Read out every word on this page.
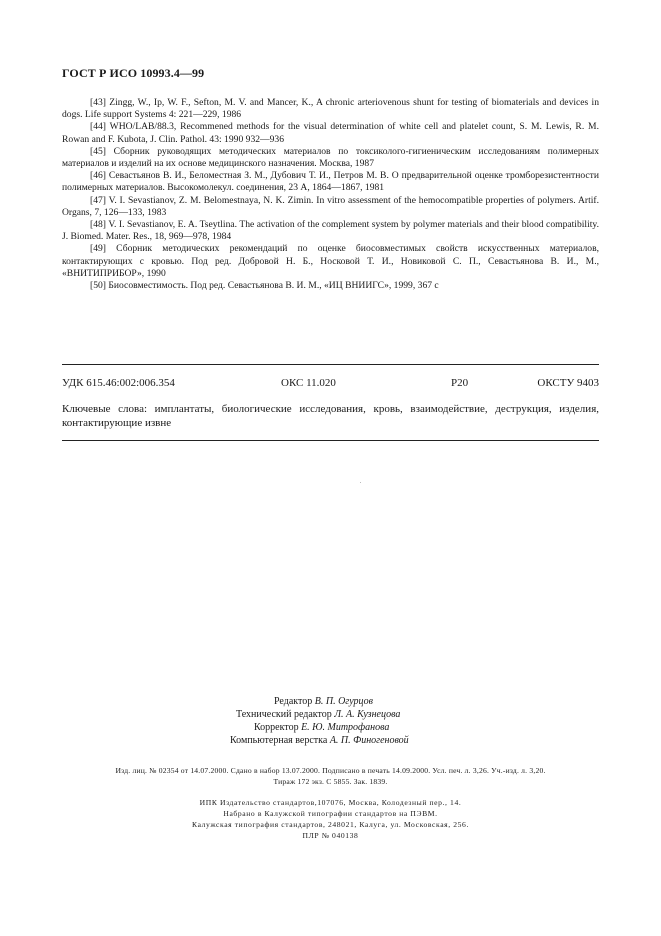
ГОСТ Р ИСО 10993.4—99

[43] Zingg, W., Ip, W. F., Sefton, M. V. and Mancer, K., A chronic arteriovenous shunt for testing of biomaterials and devices in dogs. Life support Systems 4: 221—229, 1986

[44] WHO/LAB/88.3, Recommened methods for the visual determination of white cell and platelet count, S. M. Lewis, R. M. Rowan and F. Kubota, J. Clin. Pathol. 43: 1990 932—936

[45] Сборник руководящих методических материалов по токсиколого-гигиеническим исследованиям полимерных материалов и изделий на их основе медицинского назначения. Москва, 1987

[46] Севастьянов В. И., Беломестная З. М., Дубович Т. И., Петров М. В. О предварительной оценке тромборезистентности полимерных материалов. Высокомолекул. соединения, 23 А, 1864—1867, 1981

[47] V. I. Sevastianov, Z. M. Belomestnaya, N. K. Zimin. In vitro assessment of the hemocompatible properties of polymers. Artif. Organs, 7, 126—133, 1983

[48] V. I. Sevastianov, E. A. Tseytlina. The activation of the complement system by polymer materials and their blood compatibility. J. Biomed. Mater. Res., 18, 969—978, 1984

[49] Сборник методических рекомендаций по оценке биосовместимых свойств искусственных материалов, контактирующих с кровью. Под ред. Добровой Н. Б., Носковой Т. И., Новиковой С. П., Севастьянова В. И., М., «ВНИТИПРИБОР», 1990

[50] Биосовместимость. Под ред. Севастьянова В. И. М., «ИЦ ВНИИГС», 1999, 367 с

УДК 615.46:002:006.354	ОКС 11.020	Р20	ОКСТУ 9403
Ключевые слова: имплантаты, биологические исследования, кровь, взаимодействие, деструкция, изделия, контактирующие извне
Редактор В. П. Огурцов
Технический редактор Л. А. Кузнецова
Корректор Е. Ю. Митрофанова
Компьютерная верстка А. П. Финогеновой
Изд. лиц. № 02354 от 14.07.2000. Сдано в набор 13.07.2000. Подписано в печать 14.09.2000. Усл. печ. л. 3,26. Уч.-изд. л. 3,20.
Тираж 172 экз. С 5855. Зак. 1839.
ИПК Издательство стандартов,107076, Москва, Колодезный пер., 14.
Набрано в Калужской типографии стандартов на ПЭВМ.
Калужская типография стандартов, 248021, Калуга, ул. Московская, 256.
ПЛР № 040138
